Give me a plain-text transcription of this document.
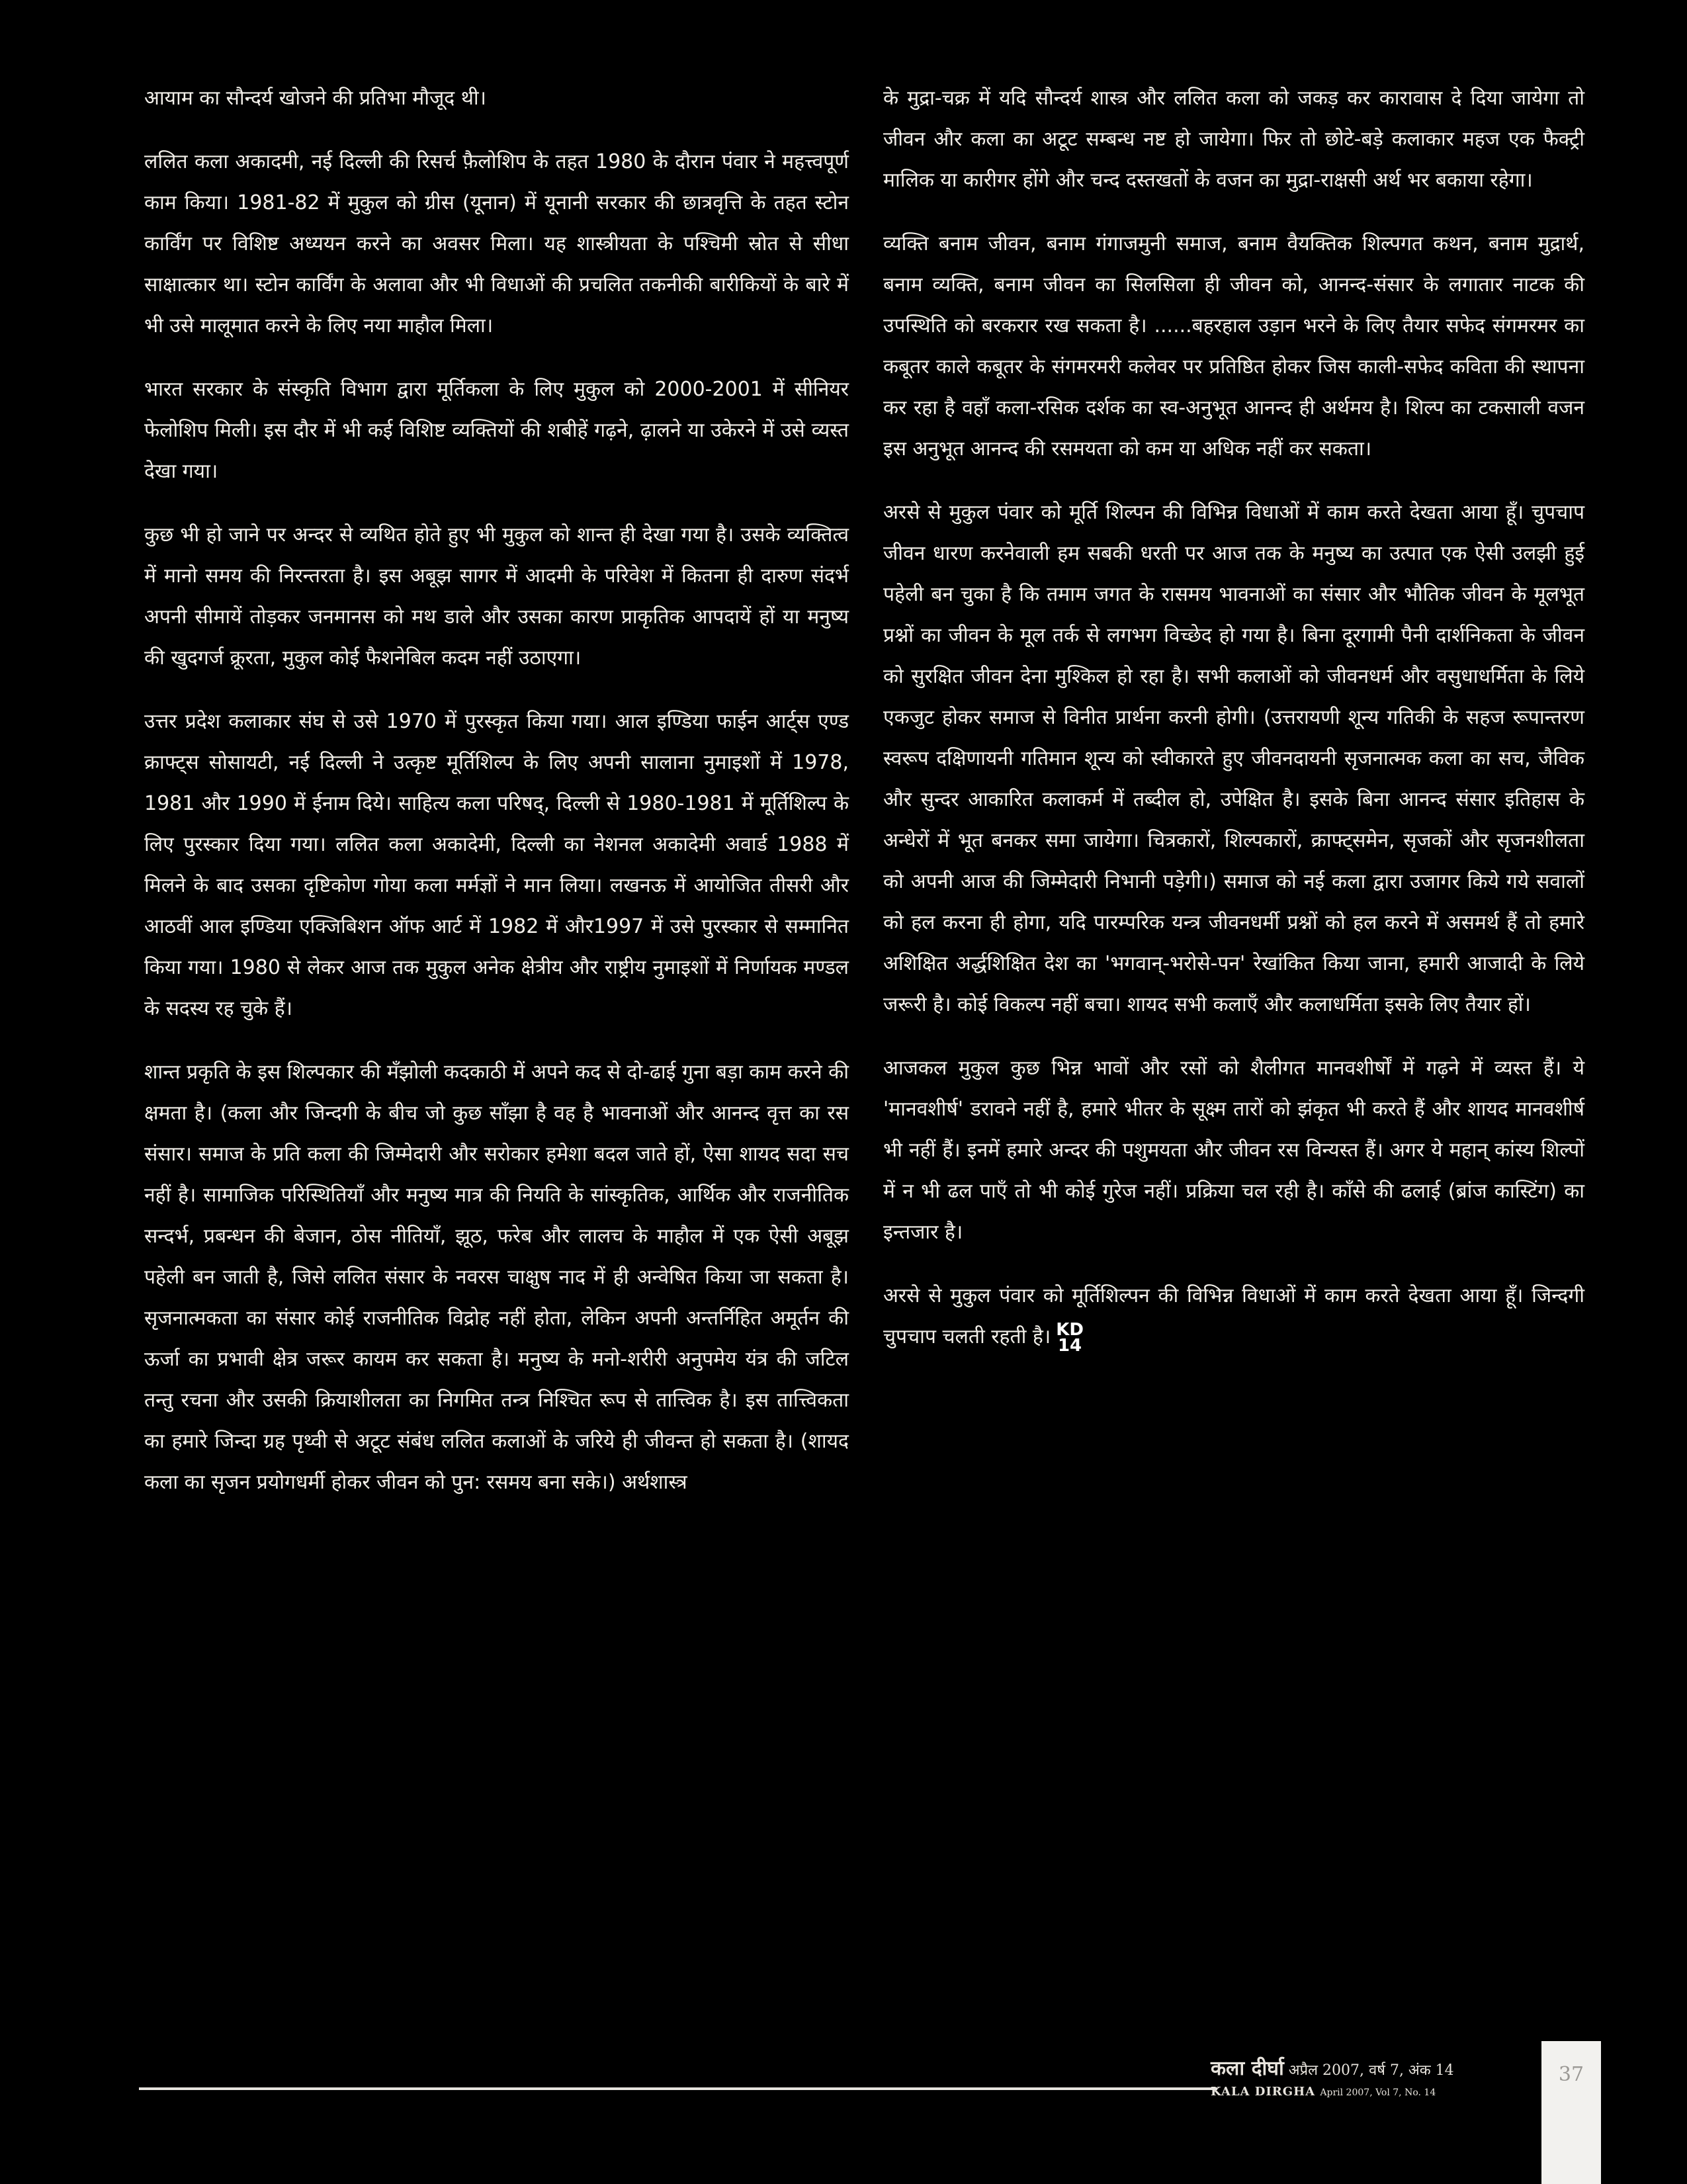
आयाम का सौन्दर्य खोजने की प्रतिभा मौजूद थी।

ललित कला अकादमी, नई दिल्ली की रिसर्च फ़ैलोशिप के तहत 1980 के दौरान पंवार ने महत्त्वपूर्ण काम किया। 1981-82 में मुकुल को ग्रीस (यूनान) में यूनानी सरकार की छात्रवृत्ति के तहत स्टोन कार्विंग पर विशिष्ट अध्ययन करने का अवसर मिला। यह शास्त्रीयता के पश्चिमी स्रोत से सीधा साक्षात्कार था। स्टोन कार्विंग के अलावा और भी विधाओं की प्रचलित तकनीकी बारीकियों के बारे में भी उसे मालूमात करने के लिए नया माहौल मिला।

भारत सरकार के संस्कृति विभाग द्वारा मूर्तिकला के लिए मुकुल को 2000-2001 में सीनियर फेलोशिप मिली। इस दौर में भी कई विशिष्ट व्यक्तियों की शबीहें गढ़ने, ढ़ालने या उकेरने में उसे व्यस्त देखा गया।

कुछ भी हो जाने पर अन्दर से व्यथित होते हुए भी मुकुल को शान्त ही देखा गया है। उसके व्यक्तित्व में मानो समय की निरन्तरता है। इस अबूझ सागर में आदमी के परिवेश में कितना ही दारुण संदर्भ अपनी सीमायें तोड़कर जनमानस को मथ डाले और उसका कारण प्राकृतिक आपदायें हों या मनुष्य की खुदगर्ज क्रूरता, मुकुल कोई फैशनेबिल कदम नहीं उठाएगा।

उत्तर प्रदेश कलाकार संघ से उसे 1970 में पुरस्कृत किया गया। आल इण्डिया फाईन आर्ट्स एण्ड क्राफ्ट्स सोसायटी, नई दिल्ली ने उत्कृष्ट मूर्तिशिल्प के लिए अपनी सालाना नुमाइशों में 1978, 1981 और 1990 में ईनाम दिये। साहित्य कला परिषद्, दिल्ली से 1980-1981 में मूर्तिशिल्प के लिए पुरस्कार दिया गया। ललित कला अकादेमी, दिल्ली का नेशनल अकादेमी अवार्ड 1988 में मिलने के बाद उसका दृष्टिकोण गोया कला मर्मज्ञों ने मान लिया। लखनऊ में आयोजित तीसरी और आठवीं आल इण्डिया एक्जिबिशन ऑफ आर्ट में 1982 में और1997 में उसे पुरस्कार से सम्मानित किया गया। 1980 से लेकर आज तक मुकुल अनेक क्षेत्रीय और राष्ट्रीय नुमाइशों में निर्णायक मण्डल के सदस्य रह चुके हैं।

शान्त प्रकृति के इस शिल्पकार की मँझोली कदकाठी में अपने कद से दो-ढाई गुना बड़ा काम करने की क्षमता है। (कला और जिन्दगी के बीच जो कुछ साँझा है वह है भावनाओं और आनन्द वृत्त का रस संसार। समाज के प्रति कला की जिम्मेदारी और सरोकार हमेशा बदल जाते हों, ऐसा शायद सदा सच नहीं है। सामाजिक परिस्थितियाँ और मनुष्य मात्र की नियति के सांस्कृतिक, आर्थिक और राजनीतिक सन्दर्भ, प्रबन्धन की बेजान, ठोस नीतियाँ, झूठ, फरेब और लालच के माहौल में एक ऐसी अबूझ पहेली बन जाती है, जिसे ललित संसार के नवरस चाक्षुष नाद में ही अन्वेषित किया जा सकता है। सृजनात्मकता का संसार कोई राजनीतिक विद्रोह नहीं होता, लेकिन अपनी अन्तर्निहित अमूर्तन की ऊर्जा का प्रभावी क्षेत्र जरूर कायम कर सकता है। मनुष्य के मनो-शरीरी अनुपमेय यंत्र की जटिल तन्तु रचना और उसकी क्रियाशीलता का निगमित तन्त्र निश्चित रूप से तात्त्विक है। इस तात्त्विकता का हमारे जिन्दा ग्रह पृथ्वी से अटूट संबंध ललित कलाओं के जरिये ही जीवन्त हो सकता है। (शायद कला का सृजन प्रयोगधर्मी होकर जीवन को पुन: रसमय बना सके।) अर्थशास्त्र

के मुद्रा-चक्र में यदि सौन्दर्य शास्त्र और ललित कला को जकड़ कर कारावास दे दिया जायेगा तो जीवन और कला का अटूट सम्बन्ध नष्ट हो जायेगा। फिर तो छोटे-बड़े कलाकार महज एक फैक्ट्री मालिक या कारीगर होंगे और चन्द दस्तखतों के वजन का मुद्रा-राक्षसी अर्थ भर बकाया रहेगा।

व्यक्ति बनाम जीवन, बनाम गंगाजमुनी समाज, बनाम वैयक्तिक शिल्पगत कथन, बनाम मुद्रार्थ, बनाम व्यक्ति, बनाम जीवन का सिलसिला ही जीवन को, आनन्द-संसार के लगातार नाटक की उपस्थिति को बरकरार रख सकता है। ......बहरहाल उड़ान भरने के लिए तैयार सफेद संगमरमर का कबूतर काले कबूतर के संगमरमरी कलेवर पर प्रतिष्ठित होकर जिस काली-सफेद कविता की स्थापना कर रहा है वहाँ कला-रसिक दर्शक का स्व-अनुभूत आनन्द ही अर्थमय है। शिल्प का टकसाली वजन इस अनुभूत आनन्द की रसमयता को कम या अधिक नहीं कर सकता।

अरसे से मुकुल पंवार को मूर्ति शिल्पन की विभिन्न विधाओं में काम करते देखता आया हूँ। चुपचाप जीवन धारण करनेवाली हम सबकी धरती पर आज तक के मनुष्य का उत्पात एक ऐसी उलझी हुई पहेली बन चुका है कि तमाम जगत के रासमय भावनाओं का संसार और भौतिक जीवन के मूलभूत प्रश्नों का जीवन के मूल तर्क से लगभग विच्छेद हो गया है। बिना दूरगामी पैनी दार्शनिकता के जीवन को सुरक्षित जीवन देना मुश्किल हो रहा है। सभी कलाओं को जीवनधर्म और वसुधाधर्मिता के लिये एकजुट होकर समाज से विनीत प्रार्थना करनी होगी। (उत्तरायणी शून्य गतिकी के सहज रूपान्तरण स्वरूप दक्षिणायनी गतिमान शून्य को स्वीकारते हुए जीवनदायनी सृजनात्मक कला का सच, जैविक और सुन्दर आकारित कलाकर्म में तब्दील हो, उपेक्षित है। इसके बिना आनन्द संसार इतिहास के अन्धेरों में भूत बनकर समा जायेगा। चित्रकारों, शिल्पकारों, क्राफ्ट्समेन, सृजकों और सृजनशीलता को अपनी आज की जिम्मेदारी निभानी पड़ेगी।) समाज को नई कला द्वारा उजागर किये गये सवालों को हल करना ही होगा, यदि पारम्परिक यन्त्र जीवनधर्मी प्रश्नों को हल करने में असमर्थ हैं तो हमारे अशिक्षित अर्द्धशिक्षित देश का 'भगवान्-भरोसे-पन' रेखांकित किया जाना, हमारी आजादी के लिये जरूरी है। कोई विकल्प नहीं बचा। शायद सभी कलाएँ और कलाधर्मिता इसके लिए तैयार हों।

आजकल मुकुल कुछ भिन्न भावों और रसों को शैलीगत मानवशीर्षों में गढ़ने में व्यस्त हैं। ये 'मानवशीर्ष' डरावने नहीं है, हमारे भीतर के सूक्ष्म तारों को झंकृत भी करते हैं और शायद मानवशीर्ष भी नहीं हैं। इनमें हमारे अन्दर की पशुमयता और जीवन रस विन्यस्त हैं। अगर ये महान् कांस्य शिल्पों में न भी ढल पाएँ तो भी कोई गुरेज नहीं। प्रक्रिया चल रही है। काँसे की ढलाई (ब्रांज कास्टिंग) का इन्तजार है।

अरसे से मुकुल पंवार को मूर्तिशिल्पन की विभिन्न विधाओं में काम करते देखता आया हूँ। जिन्दगी चुपचाप चलती रहती है। KD
14

कला दीर्घा अप्रैल 2007, वर्ष 7, अंक 14
KALA DIRGHA April 2007, Vol 7, No. 14
37
